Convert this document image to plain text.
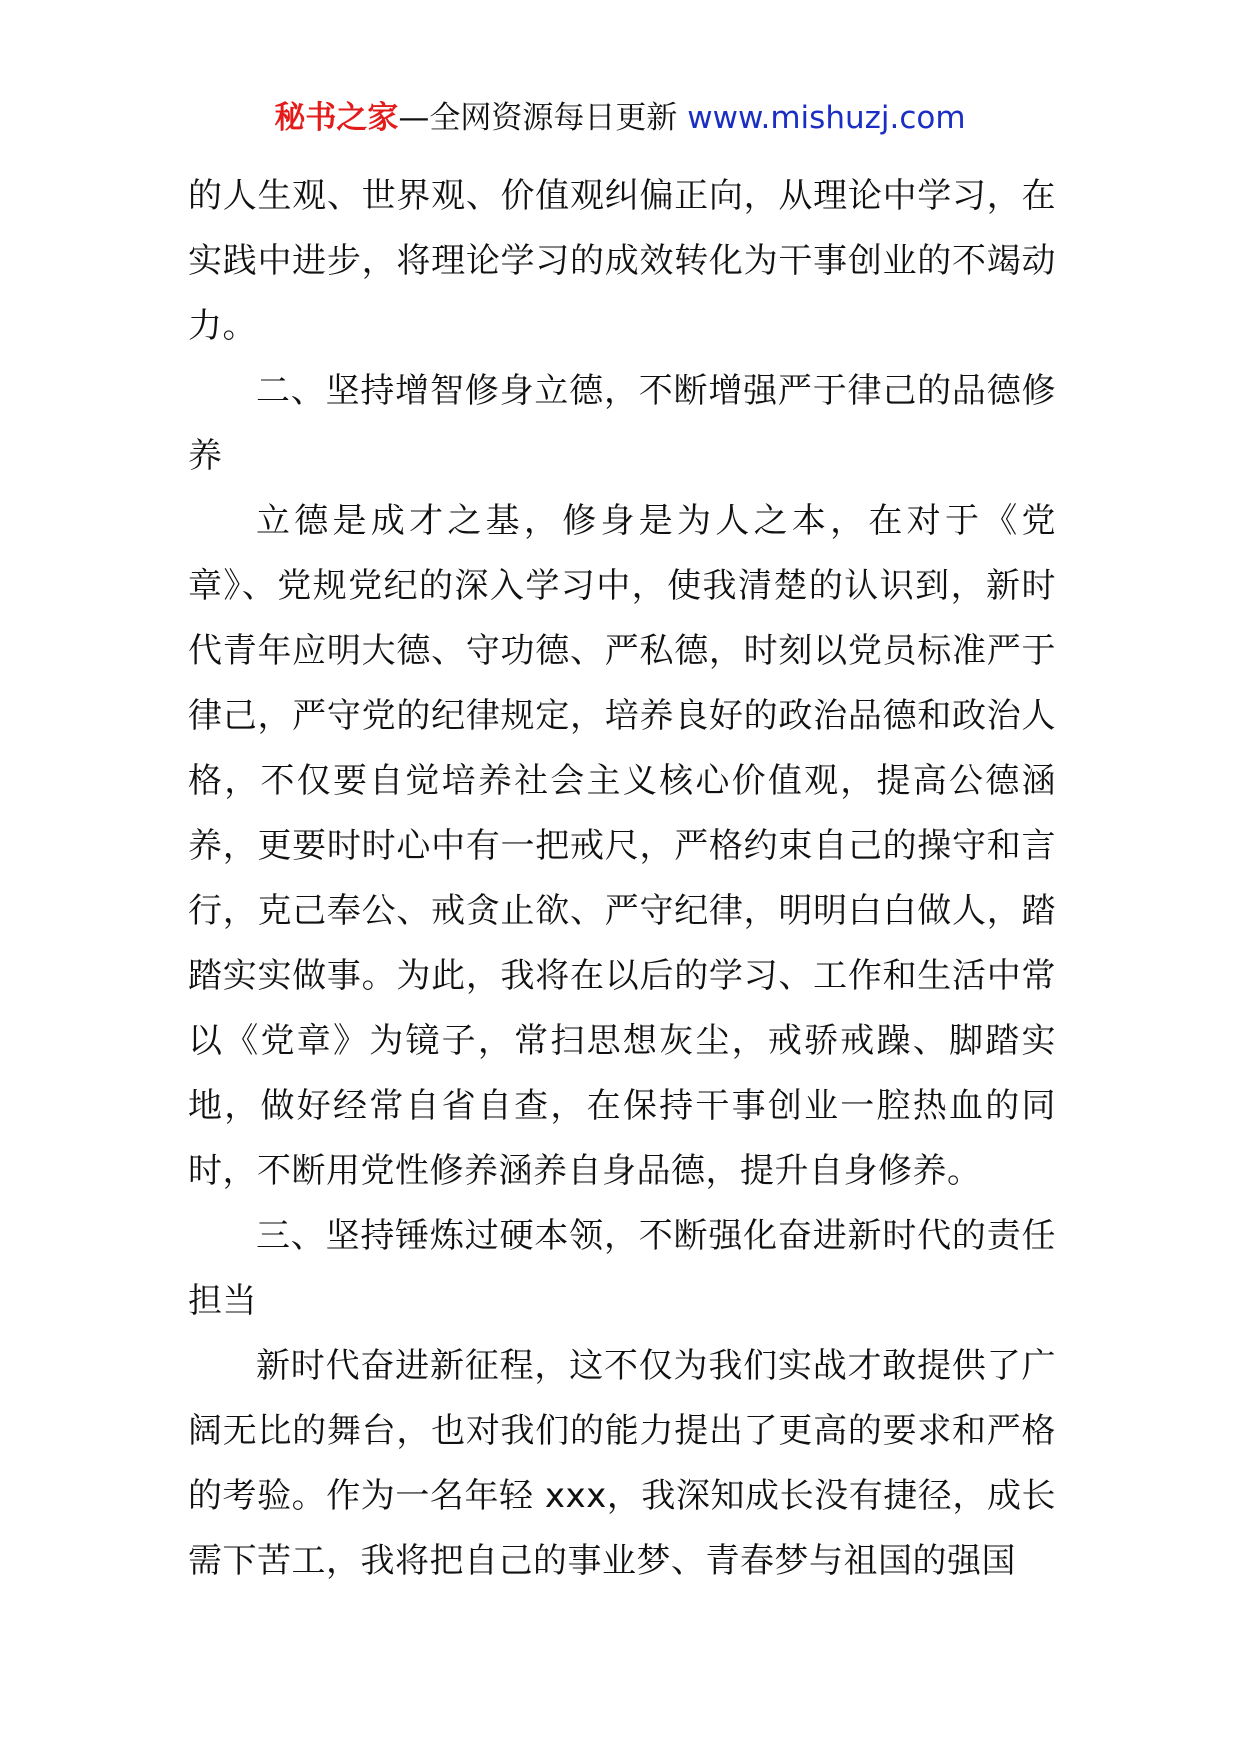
秘书之家—全网资源每日更新 www.mishuzj.com

的人生观、世界观、价值观纠偏正向，从理论中学习，在实践中进步，将理论学习的成效转化为干事创业的不竭动力。

二、坚持增智修身立德，不断增强严于律己的品德修养

立德是成才之基，修身是为人之本，在对于《党章》、党规党纪的深入学习中，使我清楚的认识到，新时代青年应明大德、守功德、严私德，时刻以党员标准严于律己，严守党的纪律规定，培养良好的政治品德和政治人格，不仅要自觉培养社会主义核心价值观，提高公德涵养，更要时时心中有一把戒尺，严格约束自己的操守和言行，克己奉公、戒贪止欲、严守纪律，明明白白做人，踏踏实实做事。为此，我将在以后的学习、工作和生活中常以《党章》为镜子，常扫思想灰尘，戒骄戒躁、脚踏实地，做好经常自省自查，在保持干事创业一腔热血的同时，不断用党性修养涵养自身品德，提升自身修养。

三、坚持锤炼过硬本领，不断强化奋进新时代的责任担当

新时代奋进新征程，这不仅为我们实战才敢提供了广阔无比的舞台，也对我们的能力提出了更高的要求和严格的考验。作为一名年轻 xxx，我深知成长没有捷径，成长需下苦工，我将把自己的事业梦、青春梦与祖国的强国
